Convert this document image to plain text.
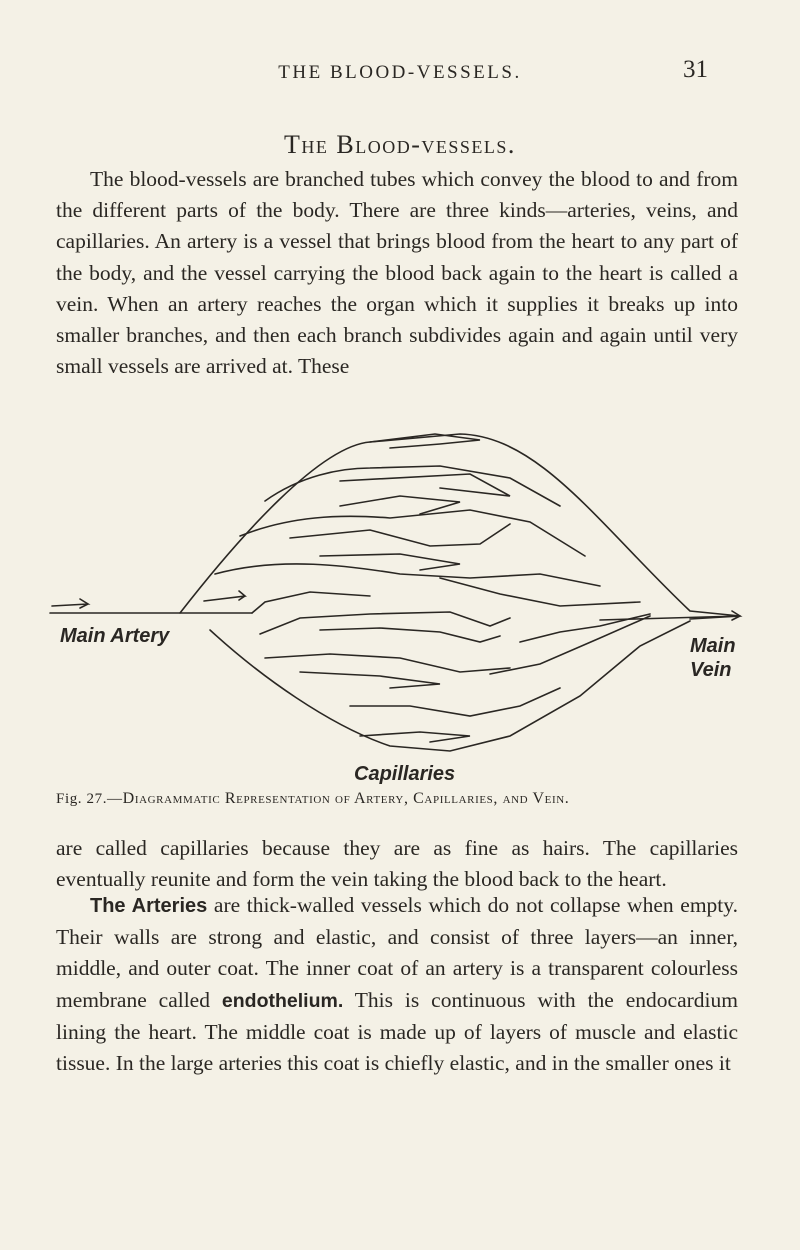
THE BLOOD-VESSELS.	31
The Blood-vessels.

The blood-vessels are branched tubes which convey the blood to and from the different parts of the body. There are three kinds—arteries, veins, and capillaries. An artery is a vessel that brings blood from the heart to any part of the body, and the vessel carrying the blood back again to the heart is called a vein. When an artery reaches the organ which it supplies it breaks up into smaller branches, and then each branch subdivides again and again until very small vessels are arrived at. These

Main Artery	Main
Vein
Capillaries
Fig. 27.—Diagrammatic Representation of Artery, Capillaries, and Vein.

are called capillaries because they are as fine as hairs. The capillaries eventually reunite and form the vein taking the blood back to the heart.

The Arteries are thick-walled vessels which do not collapse when empty. Their walls are strong and elastic, and consist of three layers—an inner, middle, and outer coat. The inner coat of an artery is a transparent colourless membrane called endothelium. This is continuous with the endocardium lining the heart. The middle coat is made up of layers of muscle and elastic tissue. In the large arteries this coat is chiefly elastic, and in the smaller ones it
